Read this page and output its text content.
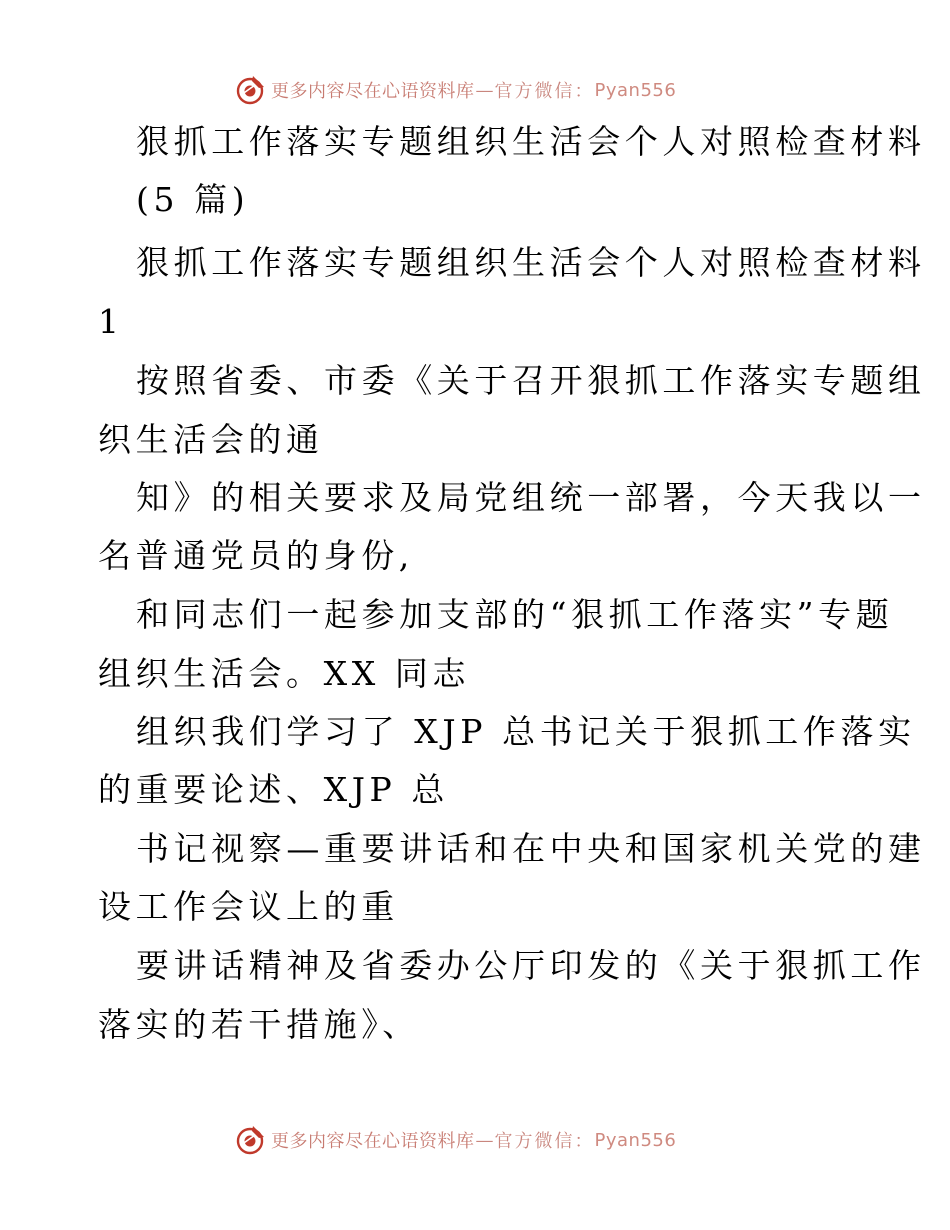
更多内容尽在心语资料库 — 官方微信： Pyan556
狠抓工作落实专题组织生活会个人对照检查材料
(5 篇)
狠抓工作落实专题组织生活会个人对照检查材料
1
按照省委、市委《关于召开狠抓工作落实专题组
织生活会的通
知》的相关要求及局党组统一部署，今天我以一
名普通党员的身份,
和同志们一起参加支部的“狠抓工作落实”专题
组织生活会。XX 同志
组织我们学习了 XJP 总书记关于狠抓工作落实
的重要论述、XJP 总
书记视察—重要讲话和在中央和国家机关党的建
设工作会议上的重
要讲话精神及省委办公厅印发的《关于狠抓工作
落实的若干措施》、
更多内容尽在心语资料库 — 官方微信： Pyan556
